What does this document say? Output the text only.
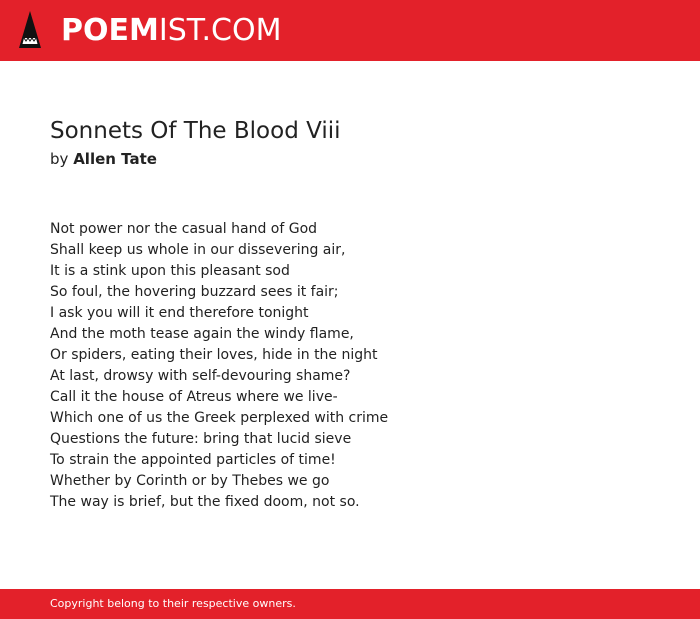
POEMIST.COM
Sonnets Of The Blood Viii
by Allen Tate
Not power nor the casual hand of God
Shall keep us whole in our dissevering air,
It is a stink upon this pleasant sod
So foul, the hovering buzzard sees it fair;
I ask you will it end therefore tonight
And the moth tease again the windy flame,
Or spiders, eating their loves, hide in the night
At last, drowsy with self-devouring shame?
Call it the house of Atreus where we live-
Which one of us the Greek perplexed with crime
Questions the future: bring that lucid sieve
To strain the appointed particles of time!
Whether by Corinth or by Thebes we go
The way is brief, but the fixed doom, not so.
Copyright belong to their respective owners.
